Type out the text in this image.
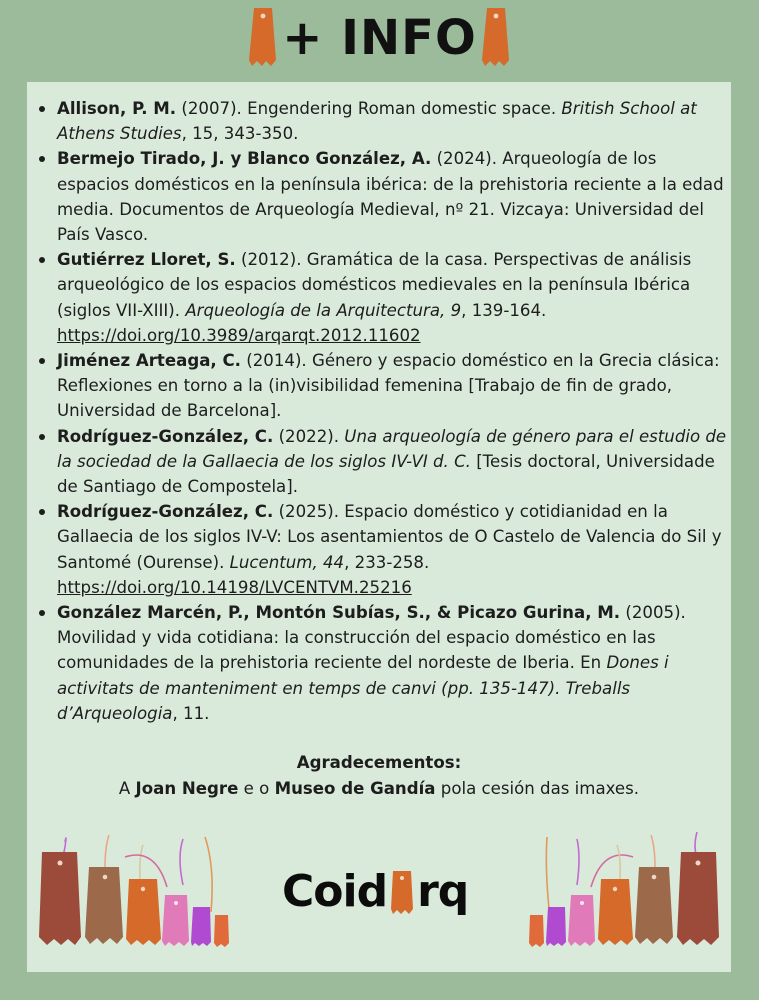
+ INFO
Allison, P. M. (2007). Engendering Roman domestic space. British School at Athens Studies, 15, 343-350.
Bermejo Tirado, J. y Blanco González, A. (2024). Arqueología de los espacios domésticos en la península ibérica: de la prehistoria reciente a la edad media. Documentos de Arqueología Medieval, nº 21. Vizcaya: Universidad del País Vasco.
Gutiérrez Lloret, S. (2012). Gramática de la casa. Perspectivas de análisis arqueológico de los espacios domésticos medievales en la península Ibérica (siglos VII-XIII). Arqueología de la Arquitectura, 9, 139-164.
https://doi.org/10.3989/arqarqt.2012.11602
Jiménez Arteaga, C. (2014). Género y espacio doméstico en la Grecia clásica: Reflexiones en torno a la (in)visibilidad femenina [Trabajo de fin de grado, Universidad de Barcelona].
Rodríguez-González, C. (2022). Una arqueología de género para el estudio de la sociedad de la Gallaecia de los siglos IV-VI d. C. [Tesis doctoral, Universidade de Santiago de Compostela].
Rodríguez-González, C. (2025). Espacio doméstico y cotidianidad en la Gallaecia de los siglos IV-V: Los asentamientos de O Castelo de Valencia do Sil y Santomé (Ourense). Lucentum, 44, 233-258.
https://doi.org/10.14198/LVCENTVM.25216
González Marcén, P., Montón Subías, S., & Picazo Gurina, M. (2005). Movilidad y vida cotidiana: la construcción del espacio doméstico en las comunidades de la prehistoria reciente del nordeste de Iberia. En Dones i activitats de manteniment en temps de canvi (pp. 135-147). Treballs d’Arqueologia, 11.
Agradecementos:
A Joan Negre e o Museo de Gandía pola cesión das imaxes.
Coid rq
